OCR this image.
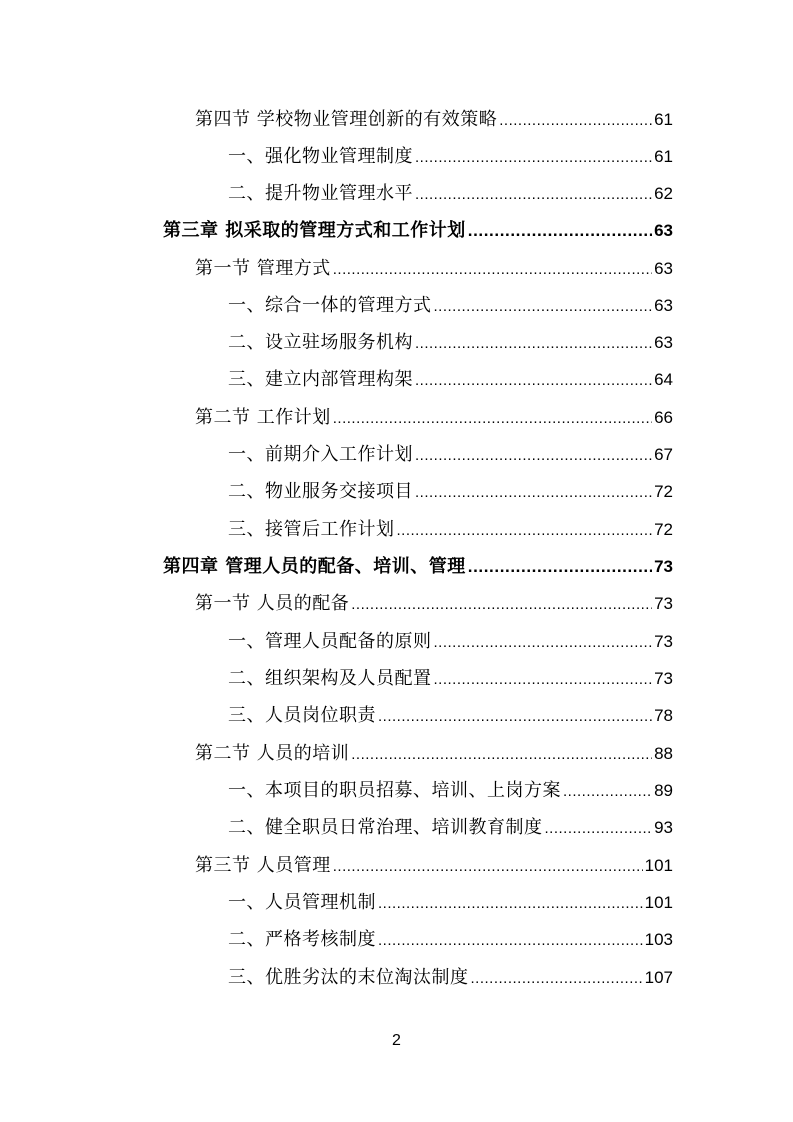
第四节 学校物业管理创新的有效策略 .....	61
一、强化物业管理制度 .....	61
二、提升物业管理水平 .....	62
第三章 拟采取的管理方式和工作计划 .....	63
第一节 管理方式 .....	63
一、综合一体的管理方式 .....	63
二、设立驻场服务机构 .....	63
三、建立内部管理构架 .....	64
第二节 工作计划 .....	66
一、前期介入工作计划 .....	67
二、物业服务交接项目 .....	72
三、接管后工作计划 .....	72
第四章 管理人员的配备、培训、管理 .....	73
第一节 人员的配备 .....	73
一、管理人员配备的原则 .....	73
二、组织架构及人员配置 .....	73
三、人员岗位职责 .....	78
第二节 人员的培训 .....	88
一、本项目的职员招募、培训、上岗方案 .....	89
二、健全职员日常治理、培训教育制度 .....	93
第三节 人员管理 .....	101
一、人员管理机制 .....	101
二、严格考核制度 .....	103
三、优胜劣汰的末位淘汰制度 .....	107
2
